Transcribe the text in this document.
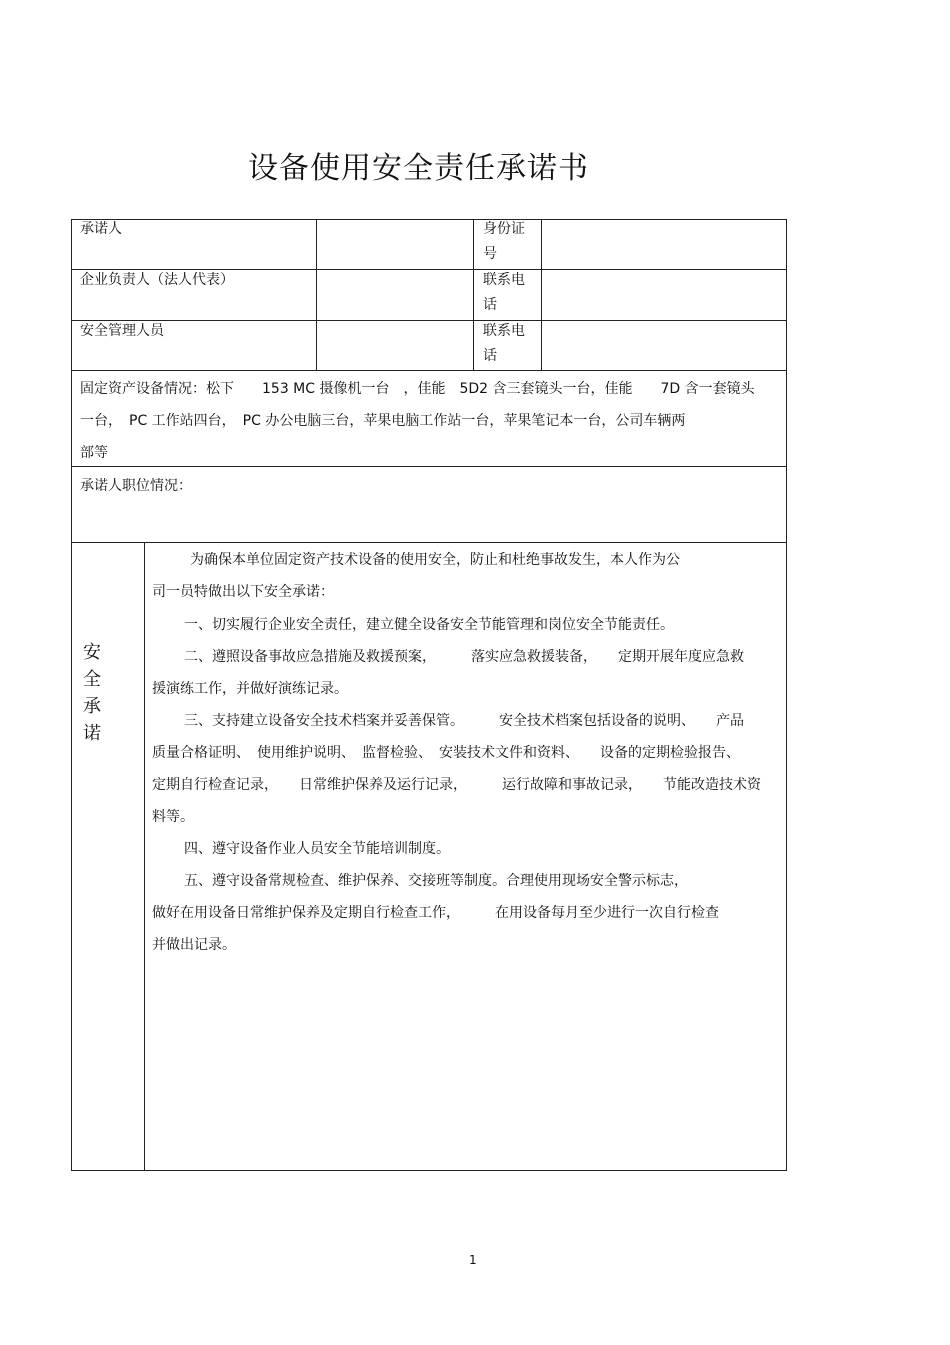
设备使用安全责任承诺书
承诺人	身份证
号
企业负责人（法人代表）	联系电
话
安全管理人员	联系电
话
固定资产设备情况：松下　　153 MC 摄像机一台　，佳能　5D2 含三套镜头一台，佳能　　7D 含一套镜头
一台，　PC 工作站四台，　PC 办公电脑三台，苹果电脑工作站一台，苹果笔记本一台，公司车辆两
部等
承诺人职位情况：
安
全
承
诺
为确保本单位固定资产技术设备的使用安全，防止和杜绝事故发生，本人作为公
司一员特做出以下安全承诺：
一、切实履行企业安全责任，建立健全设备安全节能管理和岗位安全节能责任。
二、遵照设备事故应急措施及救援预案，　　　落实应急救援装备，　　定期开展年度应急救
援演练工作，并做好演练记录。
三、支持建立设备安全技术档案并妥善保管。　　　安全技术档案包括设备的说明、　　产品
质量合格证明、　使用维护说明、　监督检验、　安装技术文件和资料、　　设备的定期检验报告、
定期自行检查记录，　　日常维护保养及运行记录，　　　运行故障和事故记录，　　节能改造技术资
料等。
四、遵守设备作业人员安全节能培训制度。
五、遵守设备常规检查、维护保养、交接班等制度。合理使用现场安全警示标志，
做好在用设备日常维护保养及定期自行检查工作，　　　在用设备每月至少进行一次自行检查
并做出记录。
1
